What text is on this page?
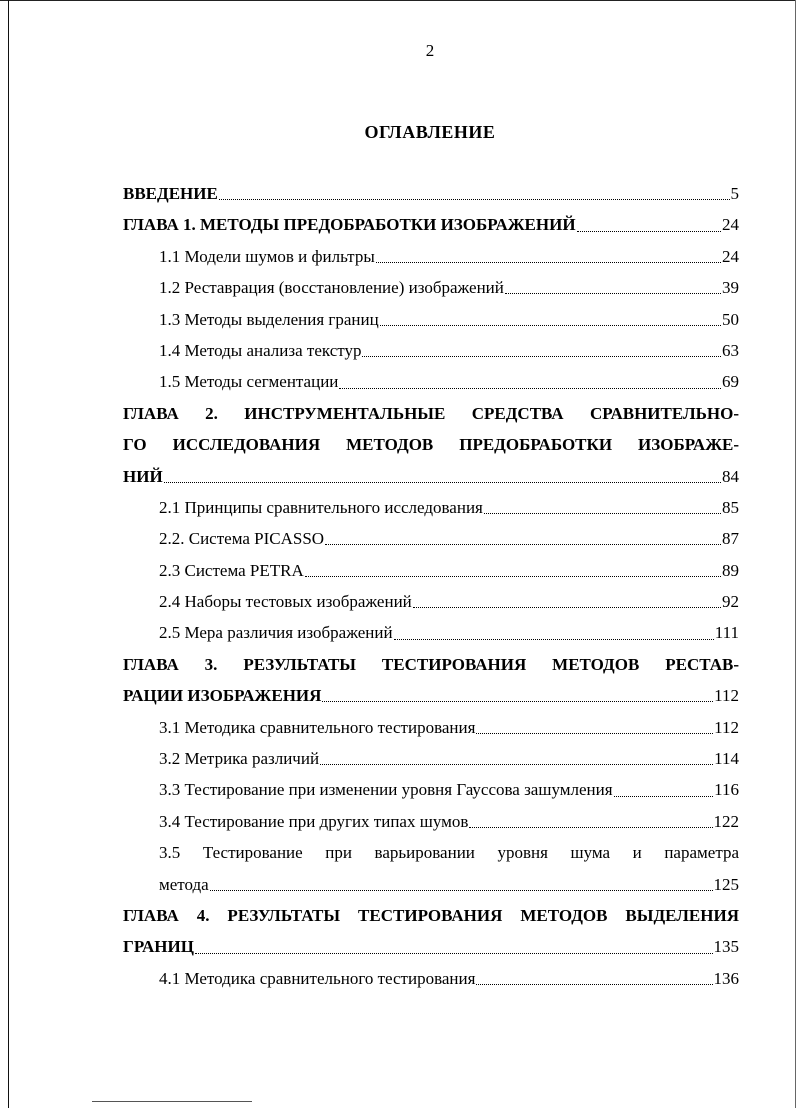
2
ОГЛАВЛЕНИЕ
ВВЕДЕНИЕ	5
ГЛАВА 1. МЕТОДЫ ПРЕДОБРАБОТКИ ИЗОБРАЖЕНИЙ	24
1.1 Модели шумов и фильтры	24
1.2 Реставрация (восстановление) изображений	39
1.3 Методы выделения границ	50
1.4 Методы анализа текстур	63
1.5 Методы сегментации	69
ГЛАВА 2. ИНСТРУМЕНТАЛЬНЫЕ СРЕДСТВА СРАВНИТЕЛЬНО-
ГО ИССЛЕДОВАНИЯ МЕТОДОВ ПРЕДОБРАБОТКИ ИЗОБРАЖЕ-
НИЙ	84
2.1 Принципы сравнительного исследования	85
2.2. Система PICASSO	87
2.3 Система PETRA	89
2.4 Наборы тестовых изображений	92
2.5 Мера различия изображений	111
ГЛАВА 3. РЕЗУЛЬТАТЫ ТЕСТИРОВАНИЯ МЕТОДОВ РЕСТАВ-
РАЦИИ ИЗОБРАЖЕНИЯ	112
3.1 Методика сравнительного тестирования	112
3.2 Метрика различий	114
3.3 Тестирование при изменении уровня Гауссова зашумления	116
3.4 Тестирование при других типах шумов	122
3.5 Тестирование при варьировании уровня шума и параметра
метода	125
ГЛАВА 4. РЕЗУЛЬТАТЫ ТЕСТИРОВАНИЯ МЕТОДОВ ВЫДЕЛЕНИЯ
ГРАНИЦ	135
4.1 Методика сравнительного тестирования	136
